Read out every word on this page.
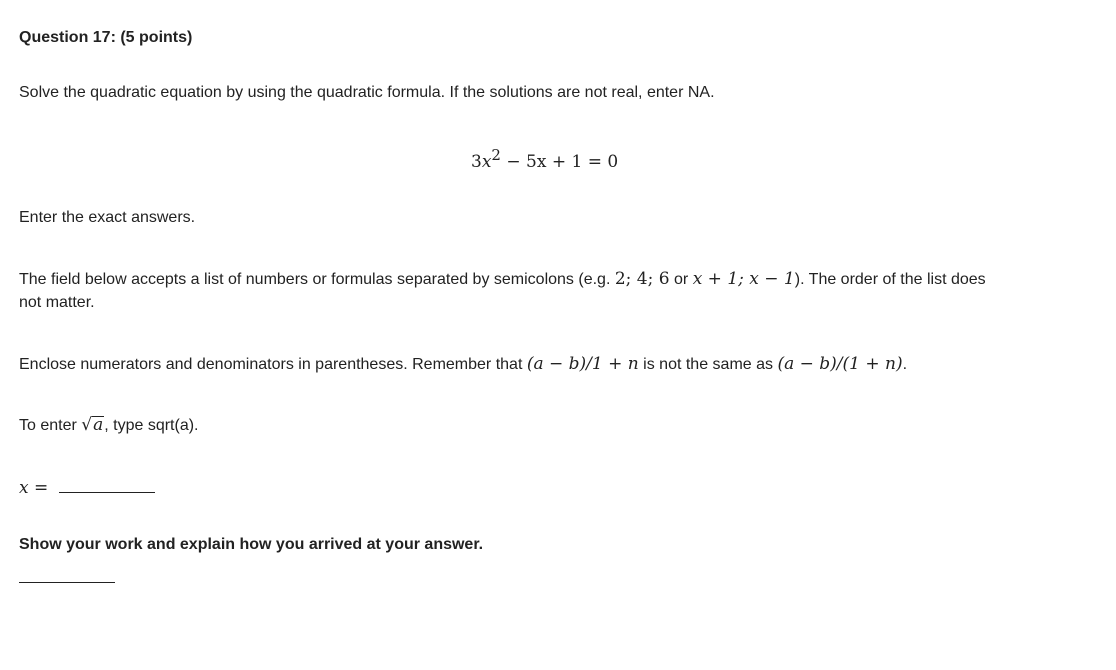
Question 17: (5 points)
Solve the quadratic equation by using the quadratic formula. If the solutions are not real, enter NA.
$3x^2 - 5x + 1 = 0$
Enter the exact answers.
The field below accepts a list of numbers or formulas separated by semicolons (e.g. 2; 4; 6 or x + 1; x − 1). The order of the list does
not matter.
Enclose numerators and denominators in parentheses. Remember that (a − b)/1 + n is not the same as (a − b)/(1 + n).
To enter √a, type sqrt(a).
x =
Show your work and explain how you arrived at your answer.
